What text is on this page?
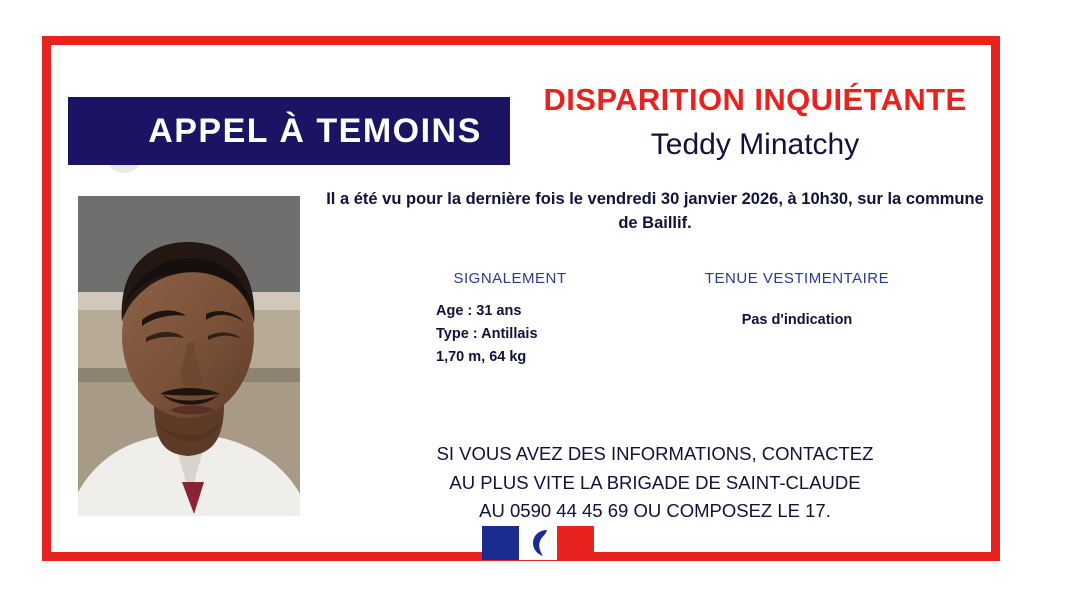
APPEL À TEMOINS
DISPARITION INQUIÉTANTE
Teddy Minatchy
Il a été vu pour la dernière fois le vendredi 30 janvier 2026, à 10h30, sur la commune de Baillif.
SIGNALEMENT	TENUE VESTIMENTAIRE
Age : 31 ans
Type : Antillais
1,70 m, 64 kg
Pas d'indication
SI VOUS AVEZ DES INFORMATIONS, CONTACTEZ
AU PLUS VITE LA BRIGADE DE SAINT-CLAUDE
AU 0590 44 45 69 OU COMPOSEZ LE 17.
